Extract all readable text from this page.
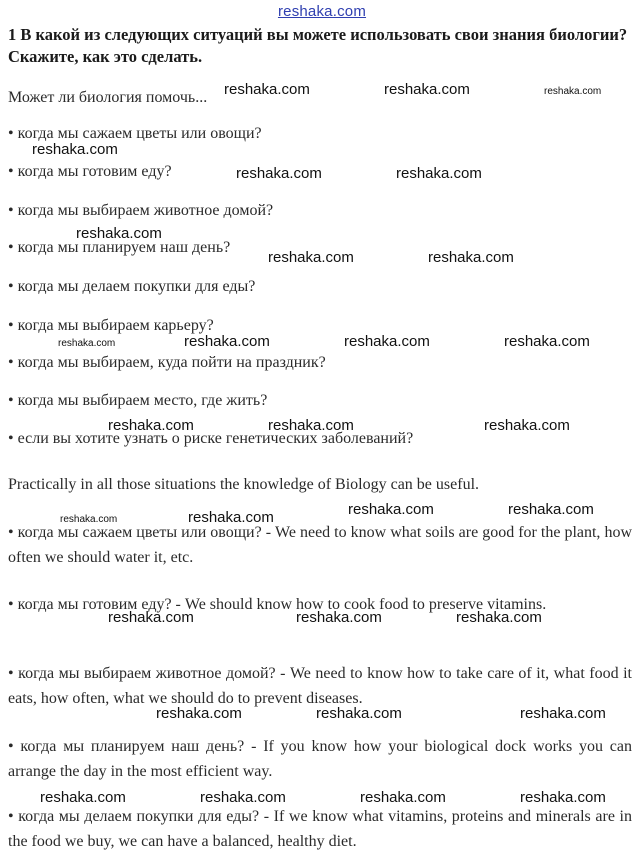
reshaka.com
1 В какой из следующих ситуаций вы можете использовать свои знания биологии? Скажите, как это сделать.
Может ли биология помочь...
• когда мы сажаем цветы или овощи?
• когда мы готовим еду?
• когда мы выбираем животное домой?
• когда мы планируем наш день?
• когда мы делаем покупки для еды?
• когда мы выбираем карьеру?
• когда мы выбираем, куда пойти на праздник?
• когда мы выбираем место, где жить?
• если вы хотите узнать о риске генетических заболеваний?
Practically in all those situations the knowledge of Biology can be useful.
• когда мы сажаем цветы или овощи? - We need to know what soils are good for the plant, how often we should water it, etc.
• когда мы готовим еду? - We should know how to cook food to preserve vitamins.
• когда мы выбираем животное домой? - We need to know how to take care of it, what food it eats, how often, what we should do to prevent diseases.
• когда мы планируем наш день? - If you know how your biological dock works you can arrange the day in the most efficient way.
• когда мы делаем покупки для еды? - If we know what vitamins, proteins and minerals are in the food we buy, we can have a balanced, healthy diet.
reshaka.com	reshaka.com	reshaka.com
reshaka.com
reshaka.com	reshaka.com
reshaka.com
reshaka.com	reshaka.com
reshaka.com	reshaka.com	reshaka.com	reshaka.com
reshaka.com	reshaka.com	reshaka.com
reshaka.com	reshaka.com
reshaka.com	reshaka.com
reshaka.com	reshaka.com	reshaka.com
reshaka.com	reshaka.com	reshaka.com
reshaka.com	reshaka.com	reshaka.com	reshaka.com
